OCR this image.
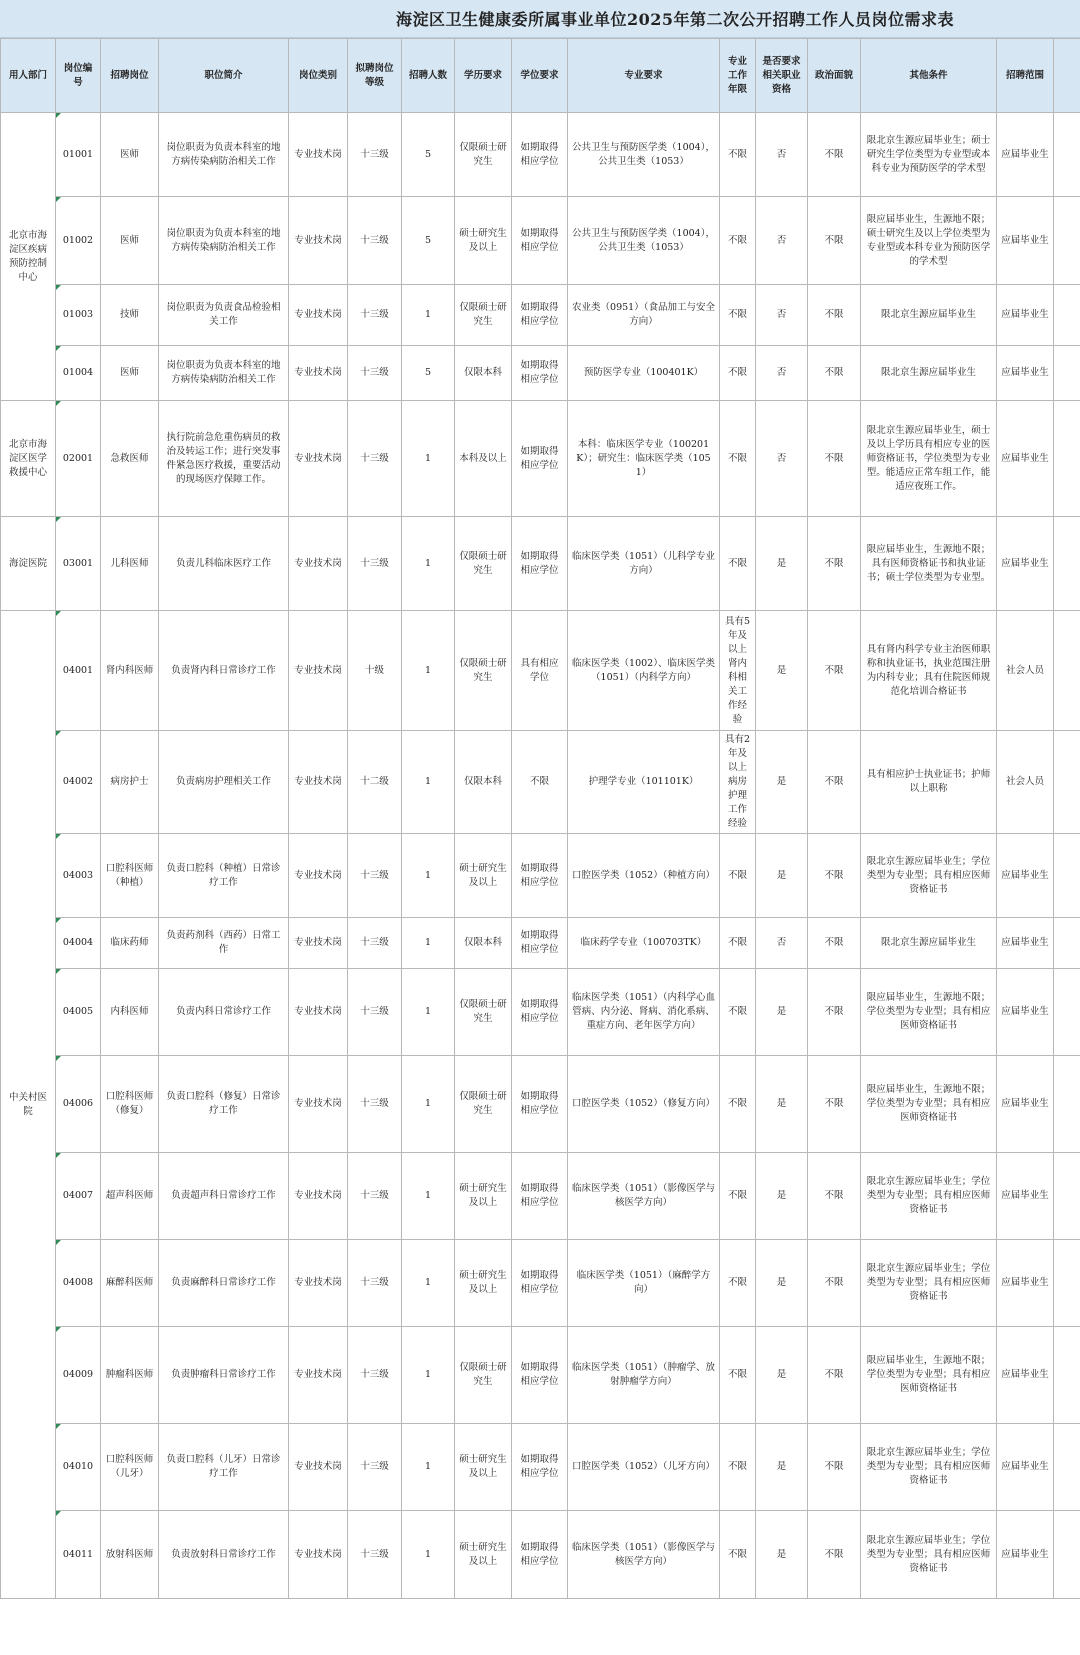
海淀区卫生健康委所属事业单位2025年第二次公开招聘工作人员岗位需求表
用人部门	岗位编号	招聘岗位	职位简介	岗位类别	拟聘岗位等级	招聘人数	学历要求	学位要求	专业要求	专业工作年限	是否要求相关职业资格	政治面貌	其他条件	招聘范围	
北京市海淀区疾病预防控制中心	01001	医师	岗位职责为负责本科室的地方病传染病防治相关工作	专业技术岗	十三级	5	仅限硕士研究生	如期取得相应学位	公共卫生与预防医学类（1004），公共卫生类（1053）	不限	否	不限	限北京生源应届毕业生；硕士研究生学位类型为专业型或本科专业为预防医学的学术型	应届毕业生	
	01002	医师	岗位职责为负责本科室的地方病传染病防治相关工作	专业技术岗	十三级	5	硕士研究生及以上	如期取得相应学位	公共卫生与预防医学类（1004），公共卫生类（1053）	不限	否	不限	限应届毕业生，生源地不限；硕士研究生及以上学位类型为专业型或本科专业为预防医学的学术型	应届毕业生	
	01003	技师	岗位职责为负责食品检验相关工作	专业技术岗	十三级	1	仅限硕士研究生	如期取得相应学位	农业类（0951）（食品加工与安全方向）	不限	否	不限	限北京生源应届毕业生	应届毕业生	
	01004	医师	岗位职责为负责本科室的地方病传染病防治相关工作	专业技术岗	十三级	5	仅限本科	如期取得相应学位	预防医学专业（100401K）	不限	否	不限	限北京生源应届毕业生	应届毕业生	
北京市海淀区医学救援中心	02001	急救医师	执行院前急危重伤病员的救治及转运工作；进行突发事件紧急医疗救援，重要活动的现场医疗保障工作。	专业技术岗	十三级	1	本科及以上	如期取得相应学位	本科：临床医学专业（100201K）；研究生：临床医学类（1051）	不限	否	不限	限北京生源应届毕业生，硕士及以上学历具有相应专业的医师资格证书，学位类型为专业型。能适应正常车组工作，能适应夜班工作。	应届毕业生	
海淀医院	03001	儿科医师	负责儿科临床医疗工作	专业技术岗	十三级	1	仅限硕士研究生	如期取得相应学位	临床医学类（1051）（儿科学专业方向）	不限	是	不限	限应届毕业生，生源地不限；具有医师资格证书和执业证书；硕士学位类型为专业型。	应届毕业生	
中关村医院	04001	肾内科医师	负责肾内科日常诊疗工作	专业技术岗	十级	1	仅限硕士研究生	具有相应学位	临床医学类（1002）、临床医学类（1051）（内科学方向）	具有5年及以上肾内科相关工作经验	是	不限	具有肾内科学专业主治医师职称和执业证书，执业范围注册为内科专业；具有住院医师规范化培训合格证书	社会人员	
	04002	病房护士	负责病房护理相关工作	专业技术岗	十二级	1	仅限本科	不限	护理学专业（101101K）	具有2年及以上病房护理工作经验	是	不限	具有相应护士执业证书；护师以上职称	社会人员	
	04003	口腔科医师（种植）	负责口腔科（种植）日常诊疗工作	专业技术岗	十三级	1	硕士研究生及以上	如期取得相应学位	口腔医学类（1052）（种植方向）	不限	是	不限	限北京生源应届毕业生；学位类型为专业型；具有相应医师资格证书	应届毕业生	
	04004	临床药师	负责药剂科（西药）日常工作	专业技术岗	十三级	1	仅限本科	如期取得相应学位	临床药学专业（100703TK）	不限	否	不限	限北京生源应届毕业生	应届毕业生	
	04005	内科医师	负责内科日常诊疗工作	专业技术岗	十三级	1	仅限硕士研究生	如期取得相应学位	临床医学类（1051）（内科学心血管病、内分泌、肾病、消化系病、重症方向、老年医学方向）	不限	是	不限	限应届毕业生，生源地不限；学位类型为专业型；具有相应医师资格证书	应届毕业生	
	04006	口腔科医师（修复）	负责口腔科（修复）日常诊疗工作	专业技术岗	十三级	1	仅限硕士研究生	如期取得相应学位	口腔医学类（1052）（修复方向）	不限	是	不限	限应届毕业生，生源地不限；学位类型为专业型；具有相应医师资格证书	应届毕业生	
	04007	超声科医师	负责超声科日常诊疗工作	专业技术岗	十三级	1	硕士研究生及以上	如期取得相应学位	临床医学类（1051）（影像医学与核医学方向）	不限	是	不限	限北京生源应届毕业生；学位类型为专业型；具有相应医师资格证书	应届毕业生	
	04008	麻醉科医师	负责麻醉科日常诊疗工作	专业技术岗	十三级	1	硕士研究生及以上	如期取得相应学位	临床医学类（1051）（麻醉学方向）	不限	是	不限	限北京生源应届毕业生；学位类型为专业型；具有相应医师资格证书	应届毕业生	
	04009	肿瘤科医师	负责肿瘤科日常诊疗工作	专业技术岗	十三级	1	仅限硕士研究生	如期取得相应学位	临床医学类（1051）（肿瘤学、放射肿瘤学方向）	不限	是	不限	限应届毕业生，生源地不限；学位类型为专业型；具有相应医师资格证书	应届毕业生	
	04010	口腔科医师（儿牙）	负责口腔科（儿牙）日常诊疗工作	专业技术岗	十三级	1	硕士研究生及以上	如期取得相应学位	口腔医学类（1052）（儿牙方向）	不限	是	不限	限北京生源应届毕业生；学位类型为专业型；具有相应医师资格证书	应届毕业生	
	04011	放射科医师	负责放射科日常诊疗工作	专业技术岗	十三级	1	硕士研究生及以上	如期取得相应学位	临床医学类（1051）（影像医学与核医学方向）	不限	是	不限	限北京生源应届毕业生；学位类型为专业型；具有相应医师资格证书	应届毕业生	
